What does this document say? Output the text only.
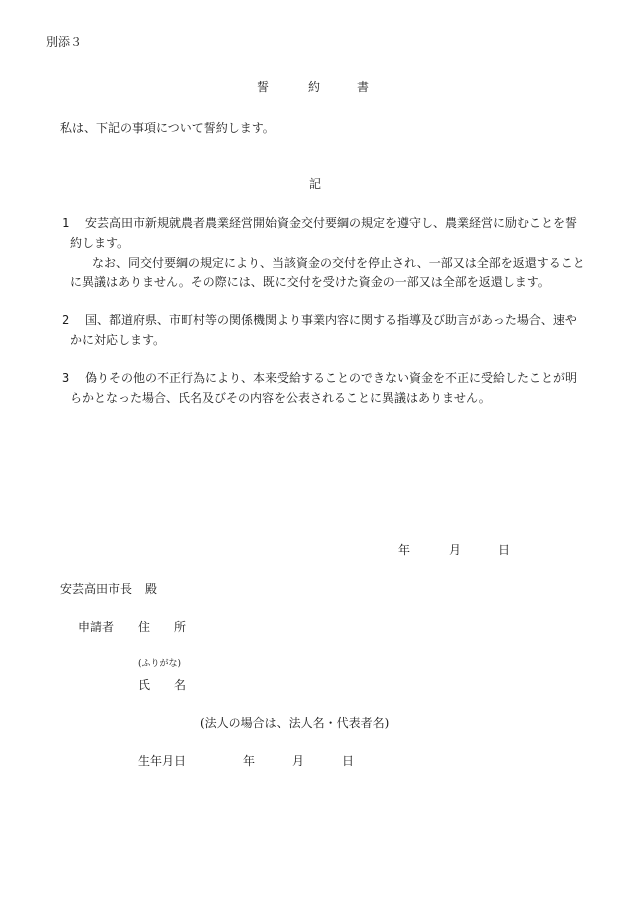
別添３
誓	約	書
私は、下記の事項について誓約します。
記
1 安芸高田市新規就農者農業経営開始資金交付要綱の規定を遵守し、農業経営に励むことを誓
約します。
なお、同交付要綱の規定により、当該資金の交付を停止され、一部又は全部を返還すること
に異議はありません。その際には、既に交付を受けた資金の一部又は全部を返還します。
2 国、都道府県、市町村等の関係機関より事業内容に関する指導及び助言があった場合、速や
かに対応します。
3 偽りその他の不正行為により、本来受給することのできない資金を不正に受給したことが明
らかとなった場合、氏名及びその内容を公表されることに異議はありません。
年	月	日
安芸高田市長 殿
申請者 住 所
(ふりがな)
氏 名
(法人の場合は、法人名・代表者名)
生年月日	年	月	日
